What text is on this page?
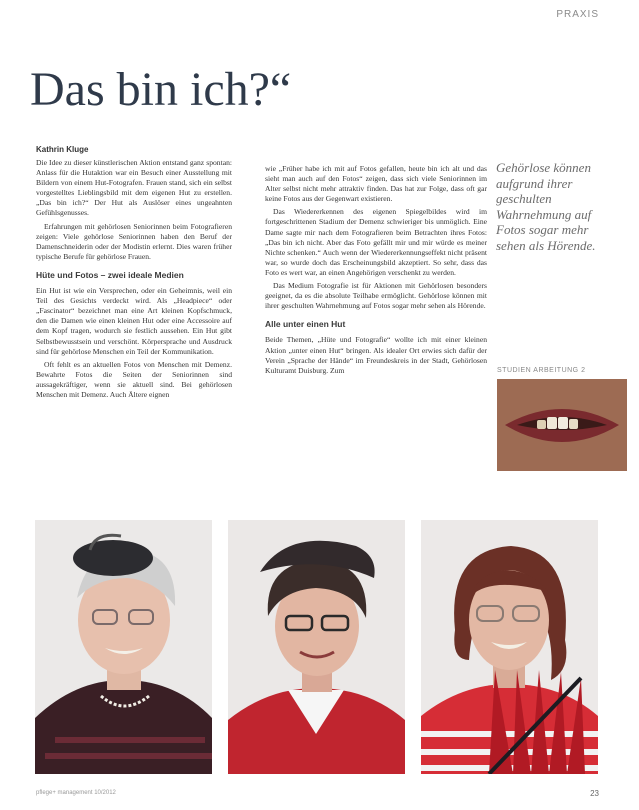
PRAXIS
Das bin ich?“
Kathrin Kluge

Die Idee zu dieser künstlerischen Aktion entstand ganz spontan: Anlass für die Hutaktion war ein Besuch einer Ausstellung mit Bildern von einem Hut-Fotografen. Frauen stand, sich ein selbst vorgestelltes Lieblingsbild mit dem eigenen Hut zu erstellen. „Das bin ich?“ Der Hut als Auslöser eines ungeahnten Gefühlsgenusses.

Erfahrungen mit gehörlosen Seniorinnen beim Fotografieren zeigen: Viele gehörlose Seniorinnen haben den Beruf der Damenschneiderin oder der Modistin erlernt. Dies waren früher typische Berufe für gehörlose Frauen.

Hüte und Fotos – zwei ideale Medien

Ein Hut ist wie ein Versprechen, oder ein Geheimnis, weil ein Teil des Gesichts verdeckt wird. Als „Headpiece“ oder „Fascinator“ bezeichnet man eine Art kleinen Kopfschmuck, den die Damen wie einen kleinen Hut oder eine Accessoire auf dem Kopf tragen, wodurch sie festlich aussehen. Ein Hut gibt Selbstbewusstsein und verschönt. Körpersprache und Ausdruck sind für gehörlose Menschen ein Teil der Kommunikation.

Oft fehlt es an aktuellen Fotos von Menschen mit Demenz. Bewahrte Fotos die Seiten der Seniorinnen sind aussagekräftiger, wenn sie aktuell sind. Bei gehörlosen Menschen mit Demenz. Auch Ältere eignen

wie „Früher habe ich mit auf Fotos gefallen, heute bin ich alt und das sieht man auch auf den Fotos“ zeigen, dass sich viele Seniorinnen im Alter selbst nicht mehr attraktiv finden. Das hat zur Folge, dass oft gar keine Fotos aus der Gegenwart existieren.

Das Wiedererkennen des eigenen Spiegelbildes wird im fortgeschrittenen Stadium der Demenz schwieriger bis unmöglich. Eine Dame sagte mir nach dem Fotografieren beim Betrachten ihres Fotos: „Das bin ich nicht. Aber das Foto gefällt mir und mir würde es meiner Nichte schenken.“ Auch wenn der Wiedererkennungseffekt nicht präsent war, so wurde doch das Erscheinungsbild akzeptiert. So sehr, dass das Foto es wert war, an einen Angehörigen verschenkt zu werden.

Das Medium Fotografie ist für Aktionen mit Gehörlosen besonders geeignet, da es die absolute Teilhabe ermöglicht. Gehörlose können mit ihrer geschulten Wahrnehmung auf Fotos sogar mehr sehen als Hörende.

Alle unter einen Hut

Beide Themen, „Hüte und Fotografie“ wollte ich mit einer kleinen Aktion „unter einen Hut“ bringen. Als idealer Ort erwies sich dafür der Verein „Sprache der Hände“ im Freundeskreis in der Stadt, Gehörlosen Kulturamt Duisburg. Zum

Gehörlose können aufgrund ihrer geschulten Wahrnehmung auf Fotos sogar mehr sehen als Hörende.
STUDIEN ARBEITUNG 2
pflege+ management 10/2012	23
